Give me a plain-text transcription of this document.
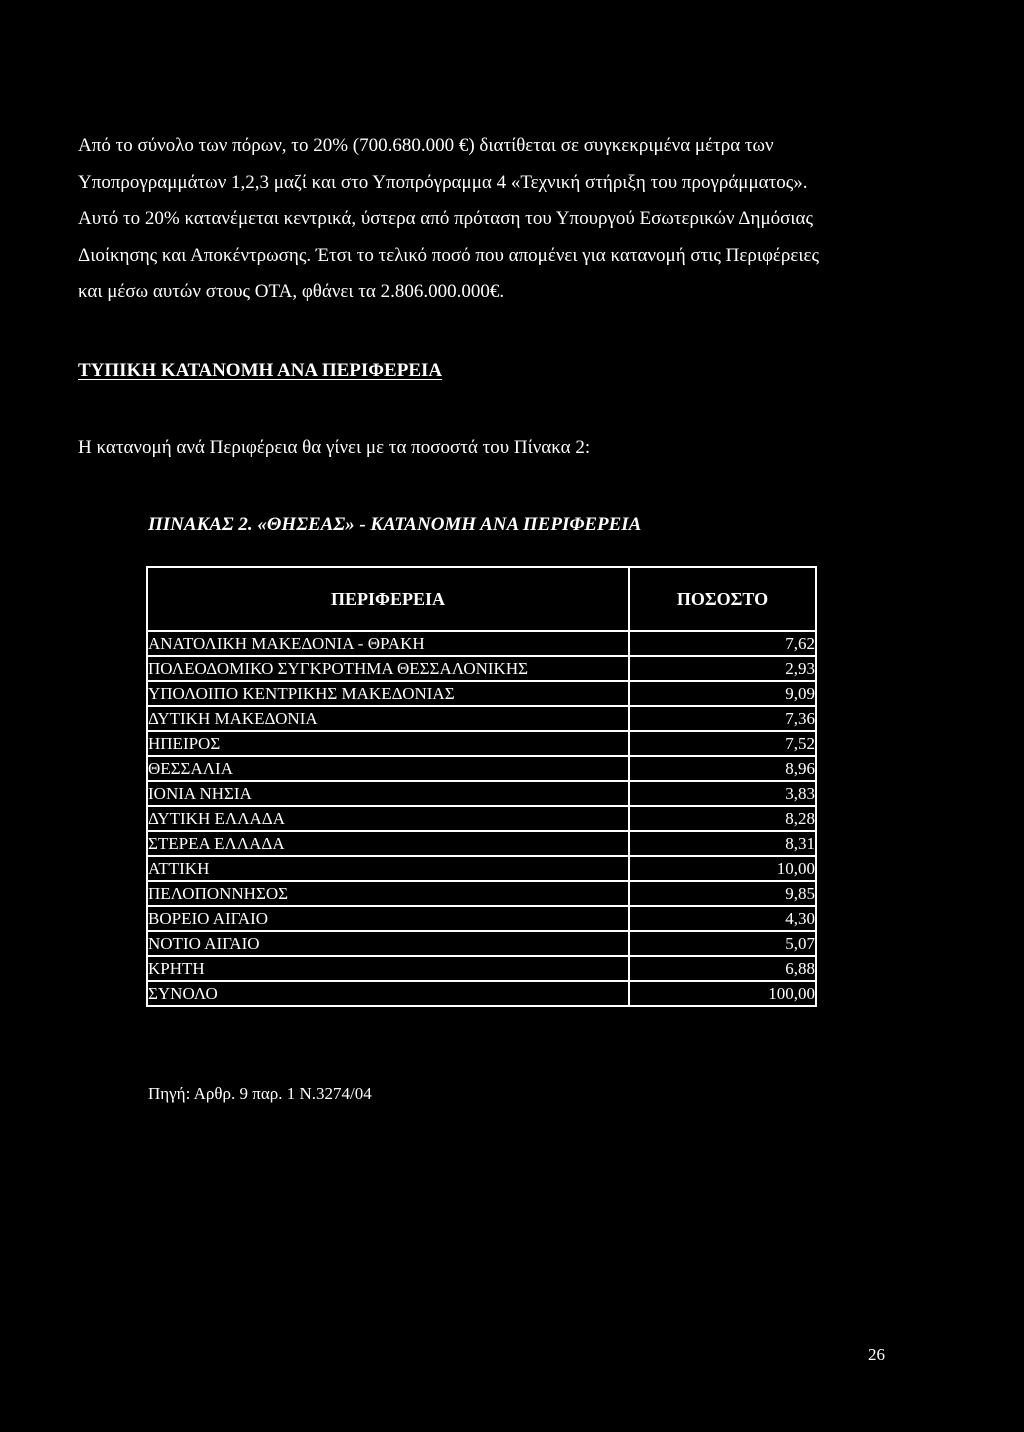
Από το σύνολο των πόρων, το 20% (700.680.000 €) διατίθεται σε συγκεκριμένα μέτρα των
Υποπρογραμμάτων 1,2,3 μαζί και στο Υποπρόγραμμα 4 «Τεχνική στήριξη του προγράμματος».
Αυτό το 20% κατανέμεται κεντρικά, ύστερα από πρόταση του Υπουργού Εσωτερικών Δημόσιας
Διοίκησης και Αποκέντρωσης. Έτσι το τελικό ποσό που απομένει για κατανομή στις Περιφέρειες
και μέσω αυτών στους ΟΤΑ, φθάνει τα 2.806.000.000€.
ΤΥΠΙΚΗ ΚΑΤΑΝΟΜΗ ΑΝΑ ΠΕΡΙΦΕΡΕΙΑ
Η κατανομή ανά Περιφέρεια θα γίνει με τα ποσοστά του Πίνακα 2:
ΠΙΝΑΚΑΣ 2. «ΘΗΣΕΑΣ» - ΚΑΤΑΝΟΜΗ ΑΝΑ ΠΕΡΙΦΕΡΕΙΑ
ΠΕΡΙΦΕΡΕΙΑ	ΠΟΣΟΣΤΟ
ΑΝΑΤΟΛΙΚΗ ΜΑΚΕΔΟΝΙΑ - ΘΡΑΚΗ	7,62
ΠΟΛΕΟΔΟΜΙΚΟ ΣΥΓΚΡΟΤΗΜΑ ΘΕΣΣΑΛΟΝΙΚΗΣ	2,93
ΥΠΟΛΟΙΠΟ ΚΕΝΤΡΙΚΗΣ ΜΑΚΕΔΟΝΙΑΣ	9,09
ΔΥΤΙΚΗ ΜΑΚΕΔΟΝΙΑ	7,36
ΗΠΕΙΡΟΣ	7,52
ΘΕΣΣΑΛΙΑ	8,96
ΙΟΝΙΑ ΝΗΣΙΑ	3,83
ΔΥΤΙΚΗ ΕΛΛΑΔΑ	8,28
ΣΤΕΡΕΑ ΕΛΛΑΔΑ	8,31
ΑΤΤΙΚΗ	10,00
ΠΕΛΟΠΟΝΝΗΣΟΣ	9,85
ΒΟΡΕΙΟ ΑΙΓΑΙΟ	4,30
ΝΟΤΙΟ ΑΙΓΑΙΟ	5,07
ΚΡΗΤΗ	6,88
ΣΥΝΟΛΟ	100,00
Πηγή: Αρθρ. 9 παρ. 1 Ν.3274/04
26
